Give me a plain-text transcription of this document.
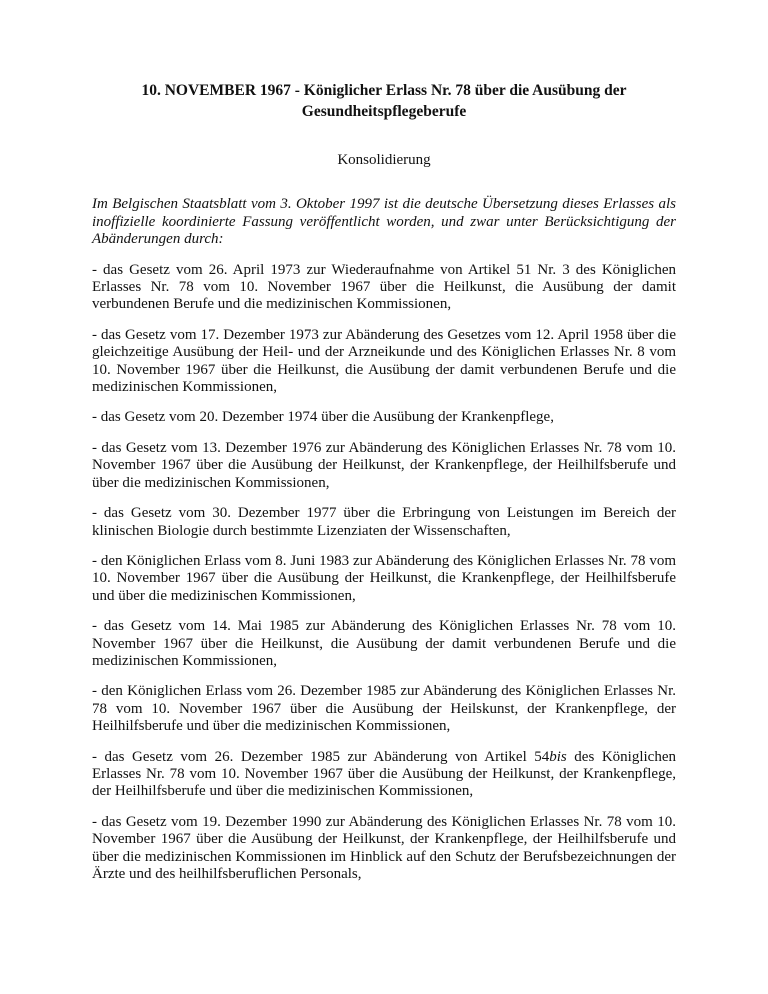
10. NOVEMBER 1967 - Königlicher Erlass Nr. 78 über die Ausübung der Gesundheitspflegeberufe
Konsolidierung
Im Belgischen Staatsblatt vom 3. Oktober 1997 ist die deutsche Übersetzung dieses Erlasses als inoffizielle koordinierte Fassung veröffentlicht worden, und zwar unter Berücksichtigung der Abänderungen durch:

- das Gesetz vom 26. April 1973 zur Wiederaufnahme von Artikel 51 Nr. 3 des Königlichen Erlasses Nr. 78 vom 10. November 1967 über die Heilkunst, die Ausübung der damit verbundenen Berufe und die medizinischen Kommissionen,

- das Gesetz vom 17. Dezember 1973 zur Abänderung des Gesetzes vom 12. April 1958 über die gleichzeitige Ausübung der Heil- und der Arzneikunde und des Königlichen Erlasses Nr. 8 vom 10. November 1967 über die Heilkunst, die Ausübung der damit verbundenen Berufe und die medizinischen Kommissionen,

- das Gesetz vom 20. Dezember 1974 über die Ausübung der Krankenpflege,

- das Gesetz vom 13. Dezember 1976 zur Abänderung des Königlichen Erlasses Nr. 78 vom 10. November 1967 über die Ausübung der Heilkunst, der Krankenpflege, der Heilhilfsberufe und über die medizinischen Kommissionen,

- das Gesetz vom 30. Dezember 1977 über die Erbringung von Leistungen im Bereich der klinischen Biologie durch bestimmte Lizenziaten der Wissenschaften,

- den Königlichen Erlass vom 8. Juni 1983 zur Abänderung des Königlichen Erlasses Nr. 78 vom 10. November 1967 über die Ausübung der Heilkunst, die Krankenpflege, der Heilhilfsberufe und über die medizinischen Kommissionen,

- das Gesetz vom 14. Mai 1985 zur Abänderung des Königlichen Erlasses Nr. 78 vom 10. November 1967 über die Heilkunst, die Ausübung der damit verbundenen Berufe und die medizinischen Kommissionen,

- den Königlichen Erlass vom 26. Dezember 1985 zur Abänderung des Königlichen Erlasses Nr. 78 vom 10. November 1967 über die Ausübung der Heilskunst, der Krankenpflege, der Heilhilfsberufe und über die medizinischen Kommissionen,

- das Gesetz vom 26. Dezember 1985 zur Abänderung von Artikel 54bis des Königlichen Erlasses Nr. 78 vom 10. November 1967 über die Ausübung der Heilkunst, der Krankenpflege, der Heilhilfsberufe und über die medizinischen Kommissionen,

- das Gesetz vom 19. Dezember 1990 zur Abänderung des Königlichen Erlasses Nr. 78 vom 10. November 1967 über die Ausübung der Heilkunst, der Krankenpflege, der Heilhilfsberufe und über die medizinischen Kommissionen im Hinblick auf den Schutz der Berufsbezeichnungen der Ärzte und des heilhilfsberuflichen Personals,
